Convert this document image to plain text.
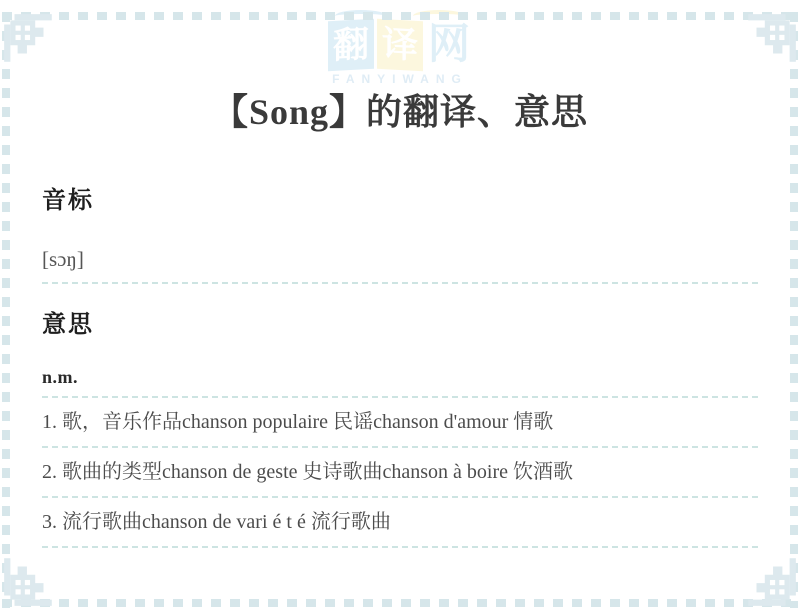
翻 译 网
FANYIWANG
【Song】的翻译、意思
音标
[sɔŋ]
意思
n.m.
1. 歌，音乐作品chanson populaire 民谣chanson d'amour 情歌
2. 歌曲的类型chanson de geste 史诗歌曲chanson à boire 饮酒歌
3. 流行歌曲chanson de vari é t é 流行歌曲
